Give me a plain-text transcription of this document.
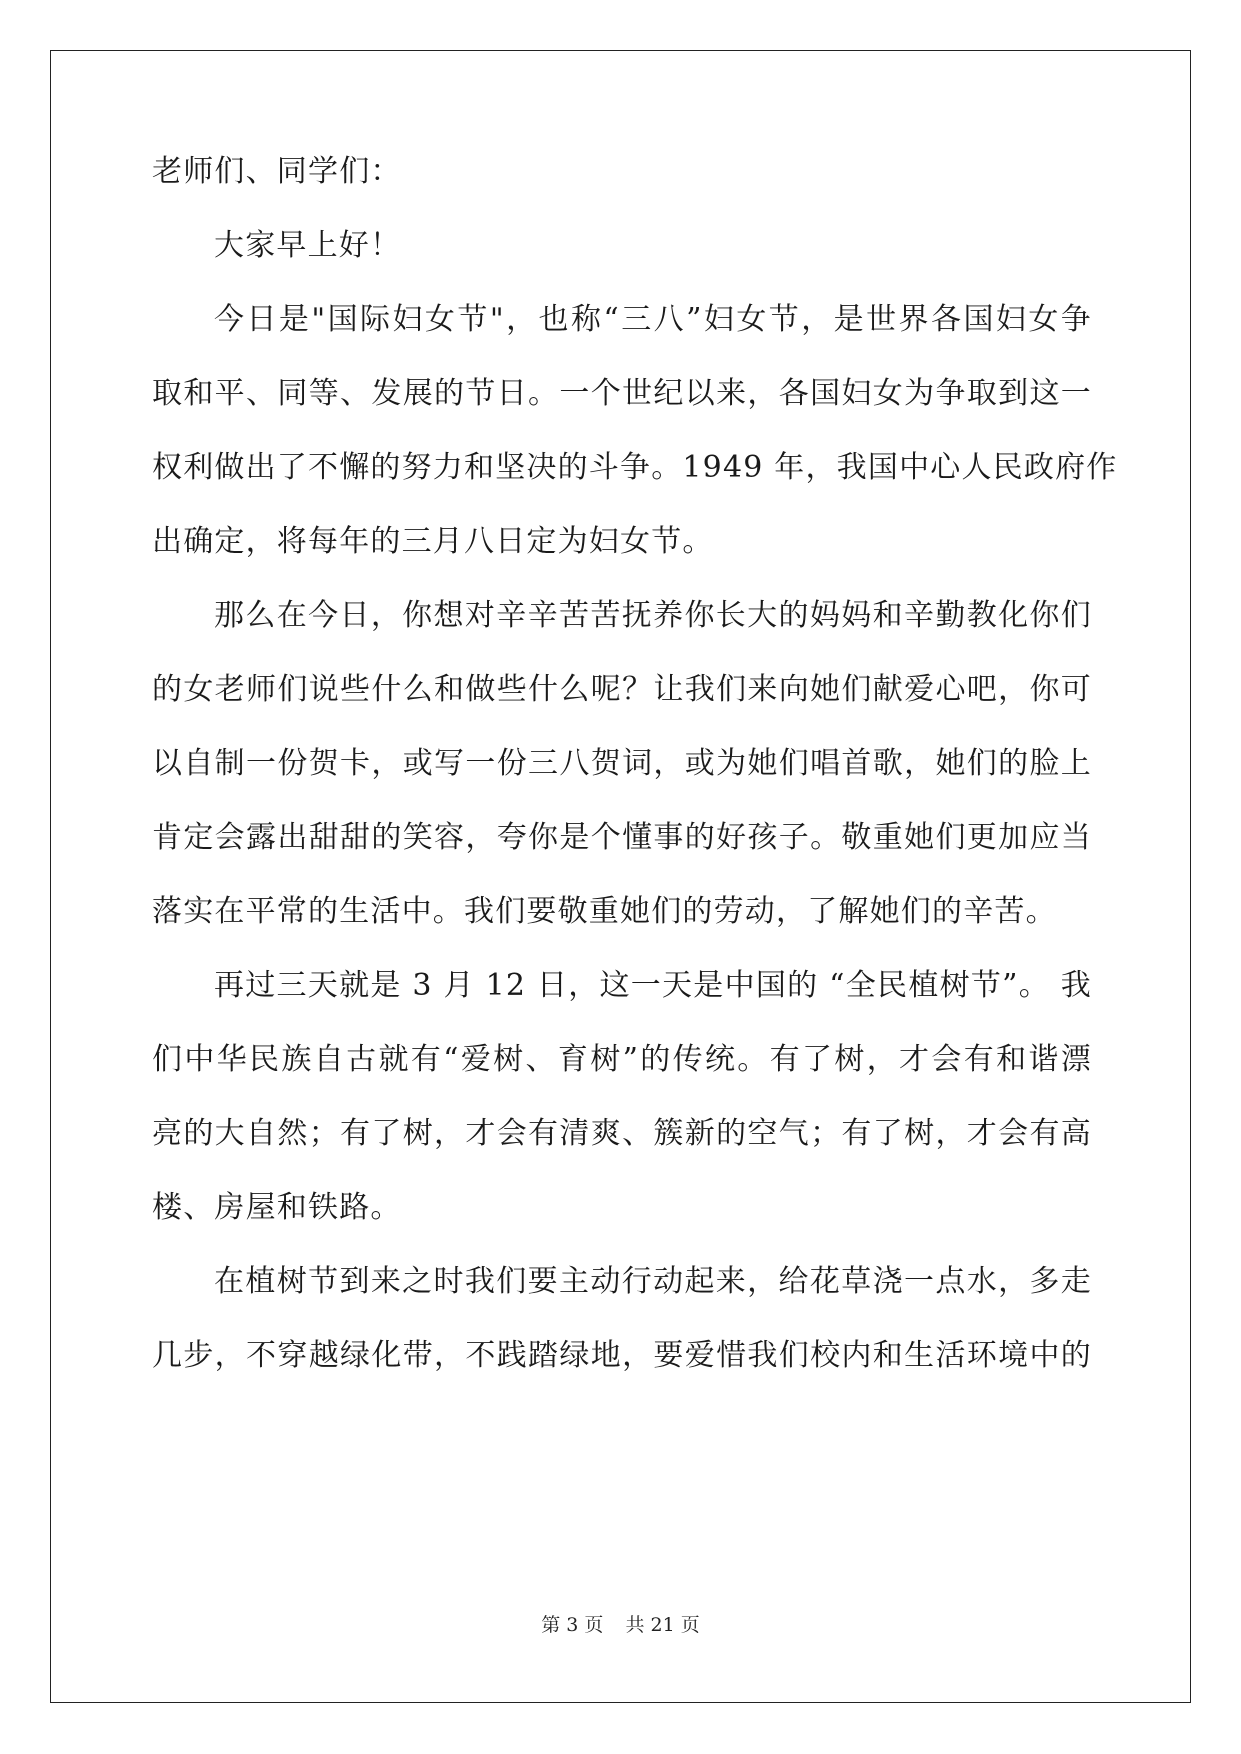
老师们、同学们：
大家早上好！
今日是"国际妇女节"，也称“三八”妇女节，是世界各国妇女争
取和平、同等、发展的节日。一个世纪以来，各国妇女为争取到这一
权利做出了不懈的努力和坚决的斗争。1949 年，我国中心人民政府作
出确定，将每年的三月八日定为妇女节。
那么在今日，你想对辛辛苦苦抚养你长大的妈妈和辛勤教化你们
的女老师们说些什么和做些什么呢？让我们来向她们献爱心吧，你可
以自制一份贺卡，或写一份三八贺词，或为她们唱首歌，她们的脸上
肯定会露出甜甜的笑容，夸你是个懂事的好孩子。敬重她们更加应当
落实在平常的生活中。我们要敬重她们的劳动，了解她们的辛苦。
再过三天就是 3 月 12 日，这一天是中国的 “全民植树节”。 我
们中华民族自古就有“爱树、育树”的传统。有了树，才会有和谐漂
亮的大自然；有了树，才会有清爽、簇新的空气；有了树，才会有高
楼、房屋和铁路。
在植树节到来之时我们要主动行动起来，给花草浇一点水，多走
几步，不穿越绿化带，不践踏绿地，要爱惜我们校内和生活环境中的
第 3 页 共 21 页
